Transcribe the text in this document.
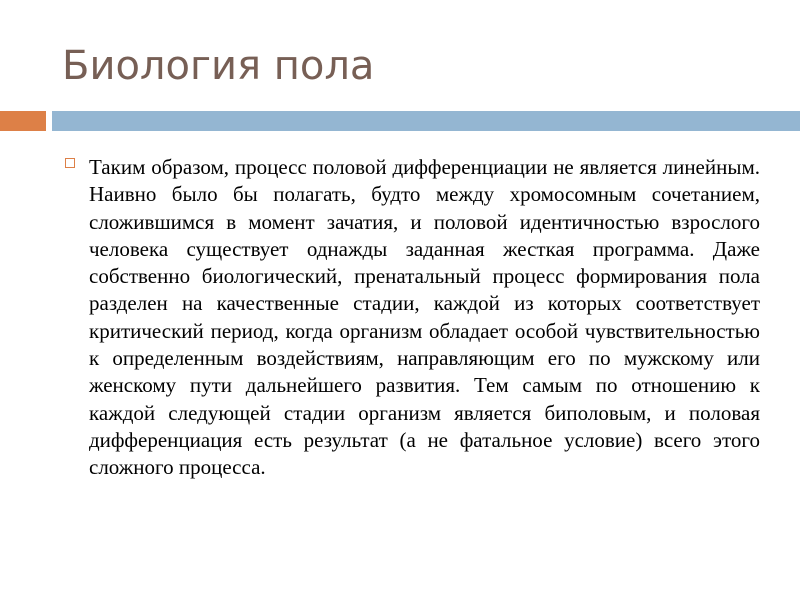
Биология пола

Таким образом, процесс половой дифференциации не является линейным. Наивно было бы полагать, будто между хромосомным сочетанием, сложившимся в момент зачатия, и половой идентичностью взрослого человека существует однажды заданная жесткая программа. Даже собственно биологический, пренатальный процесс формирования пола разделен на качественные стадии, каждой из которых соответствует критический период, когда организм обладает особой чувствительностью к определенным воздействиям, направляющим его по мужскому или женскому пути дальнейшего развития. Тем самым по отношению к каждой следующей стадии организм является биполовым, и половая дифференциация есть результат (а не фатальное условие) всего этого сложного процесса.
